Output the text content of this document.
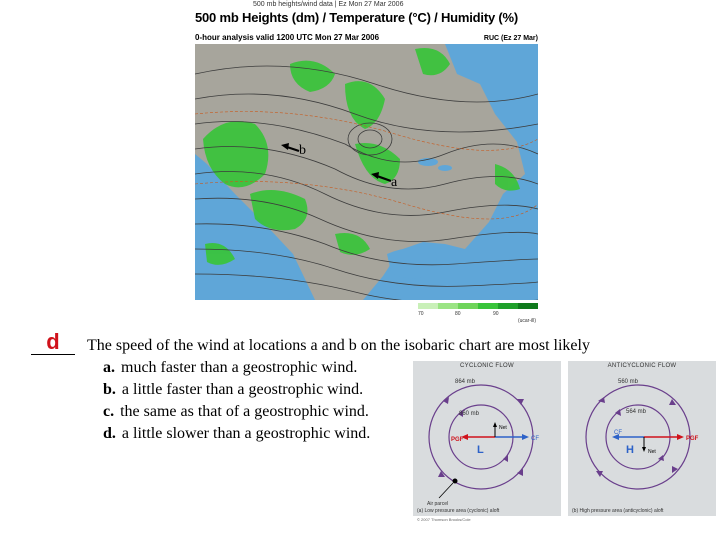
500 mb heights/wind data | Ez Mon 27 Mar 2006
500 mb Heights (dm) / Temperature (°C) / Humidity (%)
0-hour analysis valid 1200 UTC Mon 27 Mar 2006	RUC (Ez 27 Mar)
b
a
70	80	90
(ucar-ill)
d	The speed of the wind at locations a and b on the isobaric chart are most likely
a. much faster than a geostrophic wind.
b. a little faster than a geostrophic wind.
c. the same as that of a geostrophic wind.
d. a little slower than a geostrophic wind.
CYCLONIC FLOW
864 mb
860 mb
PGF	CF
Net
L
Air parcel
(a) Low pressure area (cyclonic) aloft
ANTICYCLONIC FLOW
560 mb
564 mb
CF
PGF
Net
H
(b) High pressure area (anticyclonic) aloft
© 2007 Thomson Brooks/Cole
